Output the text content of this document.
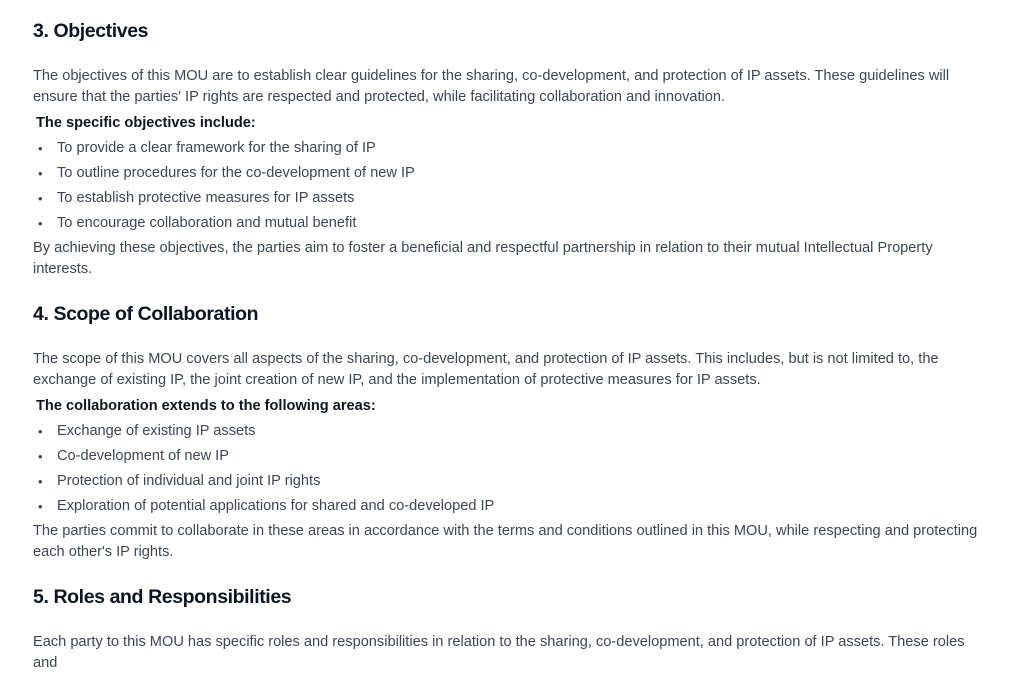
3. Objectives

The objectives of this MOU are to establish clear guidelines for the sharing, co-development, and protection of IP assets. These guidelines will ensure that the parties' IP rights are respected and protected, while facilitating collaboration and innovation.

The specific objectives include:

• To provide a clear framework for the sharing of IP
• To outline procedures for the co-development of new IP
• To establish protective measures for IP assets
• To encourage collaboration and mutual benefit

By achieving these objectives, the parties aim to foster a beneficial and respectful partnership in relation to their mutual Intellectual Property interests.

4. Scope of Collaboration

The scope of this MOU covers all aspects of the sharing, co-development, and protection of IP assets. This includes, but is not limited to, the exchange of existing IP, the joint creation of new IP, and the implementation of protective measures for IP assets.

The collaboration extends to the following areas:

• Exchange of existing IP assets
• Co-development of new IP
• Protection of individual and joint IP rights
• Exploration of potential applications for shared and co-developed IP

The parties commit to collaborate in these areas in accordance with the terms and conditions outlined in this MOU, while respecting and protecting each other's IP rights.

5. Roles and Responsibilities

Each party to this MOU has specific roles and responsibilities in relation to the sharing, co-development, and protection of IP assets. These roles and
